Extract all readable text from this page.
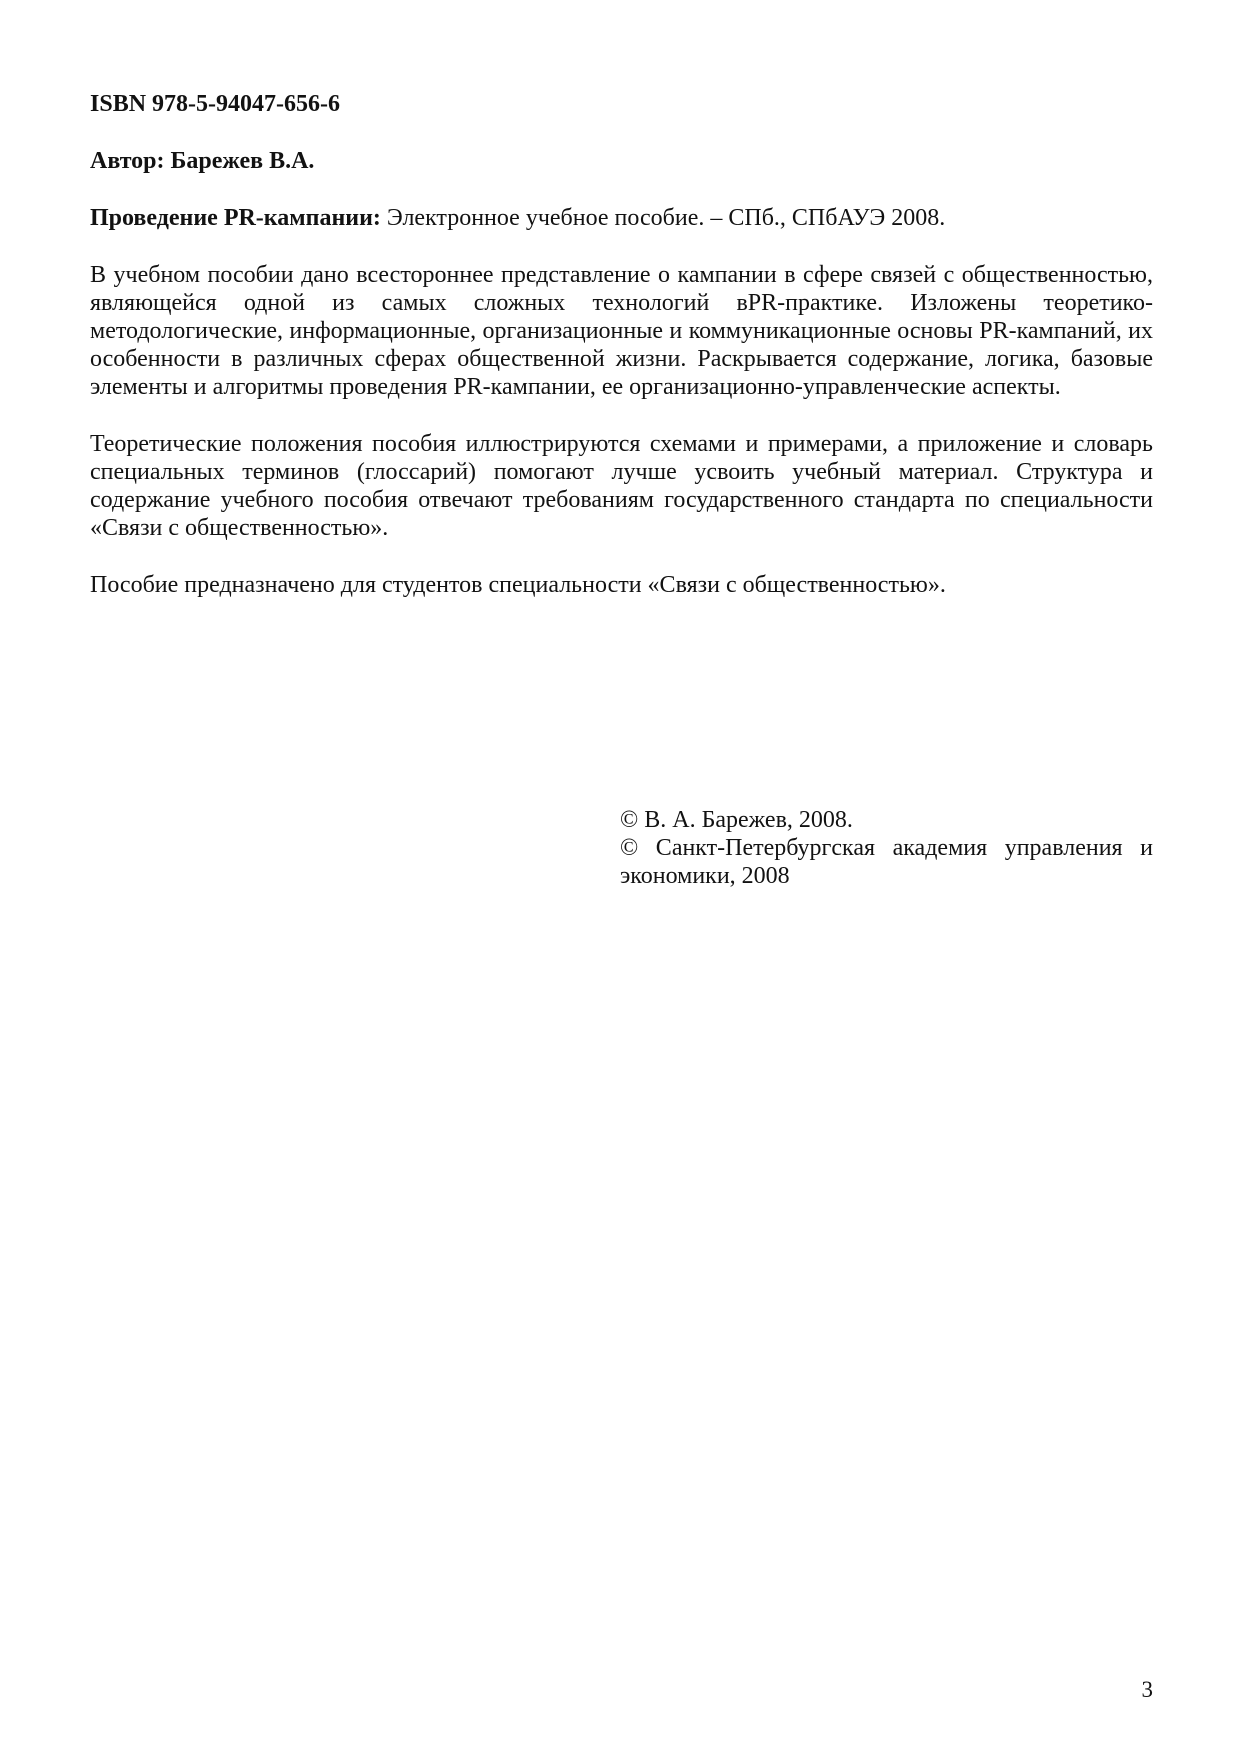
ISBN 978-5-94047-656-6
Автор: Барежев В.А.
Проведение PR-кампании: Электронное учебное пособие. – СПб., СПбАУЭ 2008.

В учебном пособии дано всестороннее представление о кампании в сфере связей с общественностью, являющейся одной из самых сложных технологий вPR-практике. Изложены теоретико-методологические, информационные, организационные и коммуникационные основы PR-кампаний, их особенности в различных сферах общественной жизни. Раскрывается содержание, логика, базовые элементы и алгоритмы проведения PR-кампании, ее организационно-управленческие аспекты.

Теоретические положения пособия иллюстрируются схемами и примерами, а приложение и словарь специальных терминов (глоссарий) помогают лучше усвоить учебный материал. Структура и содержание учебного пособия отвечают требованиям государственного стандарта по специальности «Связи с общественностью».

Пособие предназначено для студентов специальности «Связи с общественностью».

© В. А. Барежев, 2008.

© Санкт-Петербургская академия управления и экономики, 2008

3
